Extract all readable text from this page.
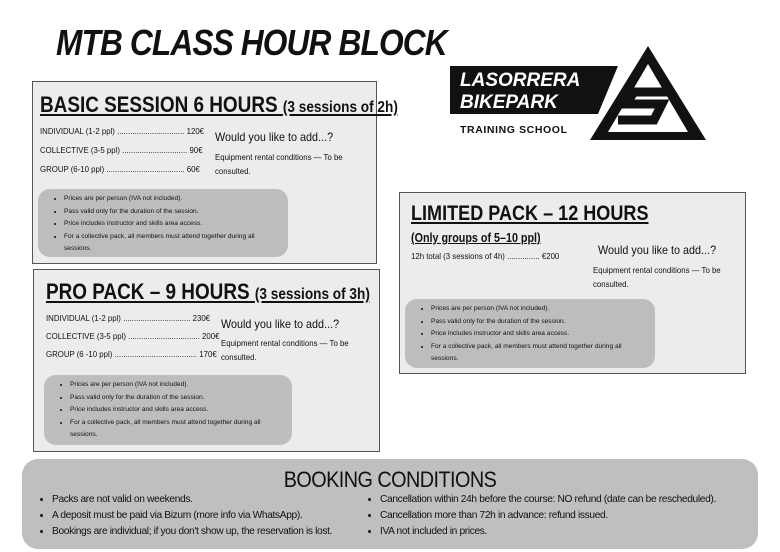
MTB CLASS HOUR BLOCK
LASORRERA
BIKEPARK
TRAINING SCHOOL
BASIC SESSION 6 HOURS (3 sessions of 2h)
INDIVIDUAL (1-2 ppl) ............................... 120€
COLLECTIVE (3-5 ppl) .............................. 90€
GROUP (6-10 ppl) .................................... 60€
Would you like to add...?
Equipment rental conditions — To be consulted.
• Prices are per person (IVA not included).
• Pass valid only for the duration of the session.
• Price includes instructor and skills area access.
• For a collective pack, all members must attend together during all sessions.
PRO PACK – 9 HOURS (3 sessions of 3h)
INDIVIDUAL (1-2 ppl) ............................... 230€
COLLECTIVE (3-5 ppl) ................................. 200€
GROUP (6 -10 ppl) ...................................... 170€
Would you like to add...?
Equipment rental conditions — To be consulted.
• Prices are per person (IVA not included).
• Pass valid only for the duration of the session.
• Price includes instructor and skills area access.
• For a collective pack, all members must attend together during all sessions.
LIMITED PACK – 12 HOURS
(Only groups of 5–10 ppl)
12h total (3 sessions of 4h) ............... €200	Would you like to add...?
Equipment rental conditions — To be consulted.
• Prices are per person (IVA not included).
• Pass valid only for the duration of the session.
• Price includes instructor and skills area access.
• For a collective pack, all members must attend together during all sessions.
BOOKING CONDITIONS
• Packs are not valid on weekends.
• A deposit must be paid via Bizum (more info via WhatsApp).
• Bookings are individual; if you don't show up, the reservation is lost.
• Cancellation within 24h before the course: NO refund (date can be rescheduled).
• Cancellation more than 72h in advance: refund issued.
• IVA not included in prices.
